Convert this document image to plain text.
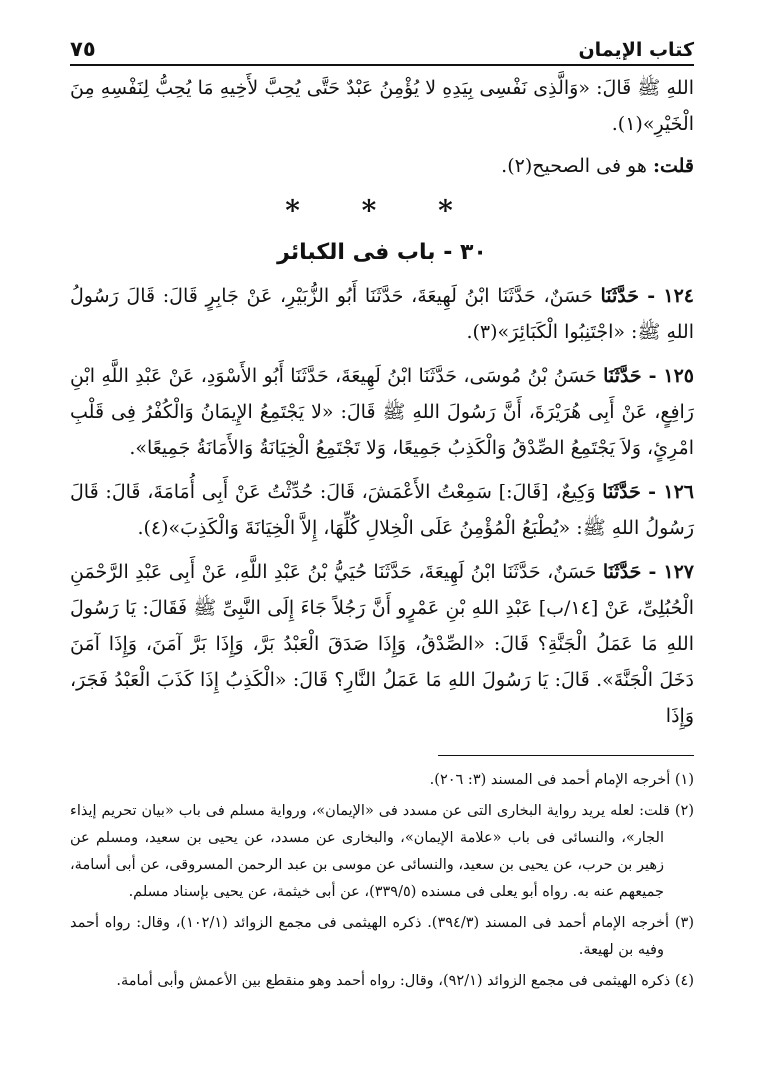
كتاب الإيمان
٧٥

اللهِ ﷺ قَالَ: «وَالَّذِى نَفْسِى بِيَدِهِ لا يُؤْمِنُ عَبْدٌ حَتَّى يُحِبَّ لأَخِيهِ مَا يُحِبُّ لِنَفْسِهِ مِنَ الْخَيْرِ»(١).

قلت: هو فى الصحيح(٢).

* * *
٣٠ - باب فى الكبائر

١٢٤ - حَدَّثَنَا حَسَنٌ، حَدَّثَنَا ابْنُ لَهِيعَةَ، حَدَّثَنَا أَبُو الزُّبَيْرِ، عَنْ جَابِرٍ قَالَ: قَالَ رَسُولُ اللهِ ﷺ: «اجْتَنِبُوا الْكَبَائِرَ»(٣).

١٢٥ - حَدَّثَنَا حَسَنُ بْنُ مُوسَى، حَدَّثَنَا ابْنُ لَهِيعَةَ، حَدَّثَنَا أَبُو الأَسْوَدِ، عَنْ عَبْدِ اللَّهِ ابْنِ رَافِعٍ، عَنْ أَبِى هُرَيْرَةَ، أَنَّ رَسُولَ اللهِ ﷺ قَالَ: «لا يَجْتَمِعُ الإِيمَانُ وَالْكُفْرُ فِى قَلْبِ امْرِئٍ، وَلاَ يَجْتَمِعُ الصِّدْقُ وَالْكَذِبُ جَمِيعًا، وَلا تَجْتَمِعُ الْخِيَانَةُ وَالأَمَانَةُ جَمِيعًا».

١٢٦ - حَدَّثَنَا وَكِيعٌ، [قَالَ:] سَمِعْتُ الأَعْمَشَ، قَالَ: حُدِّثْتُ عَنْ أَبِى أُمَامَةَ، قَالَ: قَالَ رَسُولُ اللهِ ﷺ: «يُطْبَعُ الْمُؤْمِنُ عَلَى الْخِلالِ كُلِّهَا، إِلاَّ الْخِيَانَةَ وَالْكَذِبَ»(٤).

١٢٧ - حَدَّثَنَا حَسَنٌ، حَدَّثَنَا ابْنُ لَهِيعَةَ، حَدَّثَنَا حُيَيُّ بْنُ عَبْدِ اللَّهِ، عَنْ أَبِى عَبْدِ الرَّحْمَنِ الْحُبُلِىِّ، عَنْ [١٤/ب] عَبْدِ اللهِ بْنِ عَمْرٍو أَنَّ رَجُلاً جَاءَ إِلَى النَّبِىِّ ﷺ فَقَالَ: يَا رَسُولَ اللهِ مَا عَمَلُ الْجَنَّةِ؟ قَالَ: «الصِّدْقُ، وَإِذَا صَدَقَ الْعَبْدُ بَرَّ، وَإِذَا بَرَّ آمَنَ، وَإِذَا آمَنَ دَخَلَ الْجَنَّةَ». قَالَ: يَا رَسُولَ اللهِ مَا عَمَلُ النَّارِ؟ قَالَ: «الْكَذِبُ إِذَا كَذَبَ الْعَبْدُ فَجَرَ، وَإِذَا

(١) أخرجه الإمام أحمد فى المسند (٣: ٢٠٦).

(٢) قلت: لعله يريد رواية البخارى التى عن مسدد فى «الإيمان»، ورواية مسلم فى باب «بيان تحريم إيذاء الجار»، والنسائى فى باب «علامة الإيمان»، والبخارى عن مسدد، عن يحيى بن سعيد، ومسلم عن زهير بن حرب، عن يحيى بن سعيد، والنسائى عن موسى بن عبد الرحمن المسروقى، عن أبى أسامة، جميعهم عنه به. رواه أبو يعلى فى مسنده (٣٣٩/٥)، عن أبى خيثمة، عن يحيى بإسناد مسلم.

(٣) أخرجه الإمام أحمد فى المسند (٣٩٤/٣). ذكره الهيثمى فى مجمع الزوائد (١٠٢/١)، وقال: رواه أحمد وفيه بن لهيعة.

(٤) ذكره الهيثمى فى مجمع الزوائد (٩٢/١)، وقال: رواه أحمد وهو منقطع بين الأعمش وأبى أمامة.
